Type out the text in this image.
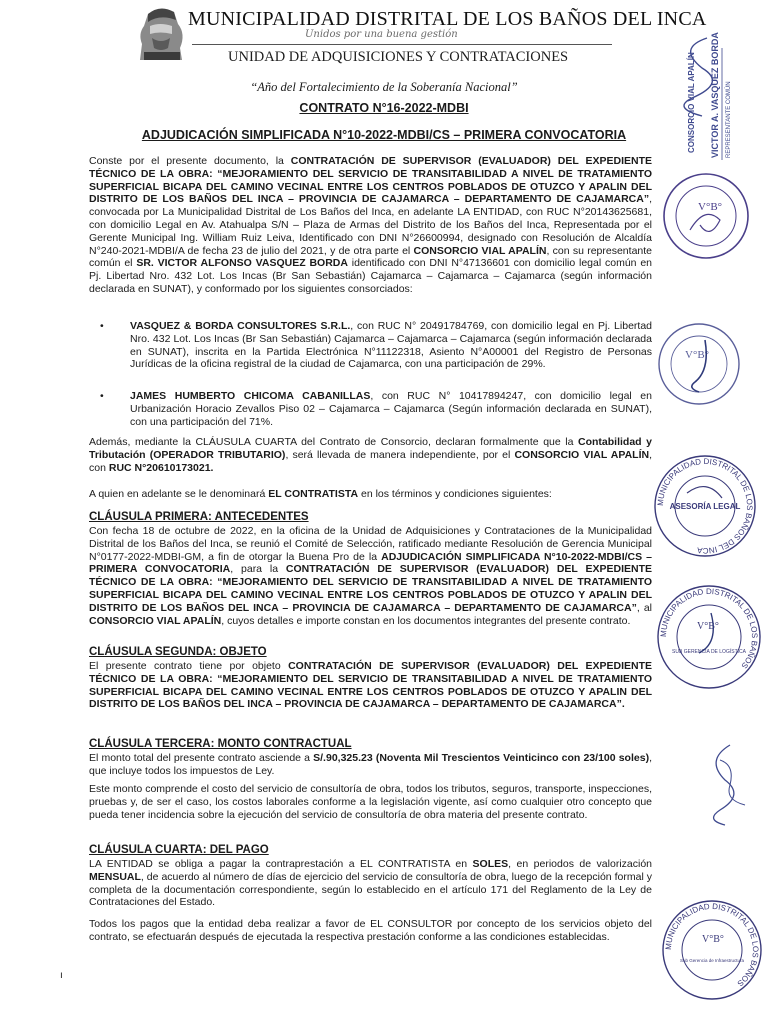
MUNICIPALIDAD DISTRITAL DE LOS BAÑOS DEL INCA
Unidos por una buena gestión
UNIDAD DE ADQUISICIONES Y CONTRATACIONES
“Año del Fortalecimiento de la Soberanía Nacional”
CONTRATO N°16-2022-MDBI
ADJUDICACIÓN SIMPLIFICADA N°10-2022-MDBI/CS – PRIMERA CONVOCATORIA
Conste por el presente documento, la CONTRATACIÓN DE SUPERVISOR (EVALUADOR) DEL EXPEDIENTE TÉCNICO DE LA OBRA: “MEJORAMIENTO DEL SERVICIO DE TRANSITABILIDAD A NIVEL DE TRATAMIENTO SUPERFICIAL BICAPA DEL CAMINO VECINAL ENTRE LOS CENTROS POBLADOS DE OTUZCO Y APALIN DEL DISTRITO DE LOS BAÑOS DEL INCA – PROVINCIA DE CAJAMARCA – DEPARTAMENTO DE CAJAMARCA”, convocada por La Municipalidad Distrital de Los Baños del Inca, en adelante LA ENTIDAD, con RUC N°20143625681, con domicilio Legal en Av. Atahualpa S/N – Plaza de Armas del Distrito de los Baños del Inca, Representada por el Gerente Municipal Ing. William Ruiz Leiva, Identificado con DNI N°26600994, designado con Resolución de Alcaldía N°240-2021-MDBI/A de fecha 23 de julio del 2021, y de otra parte el CONSORCIO VIAL APALÍN, con su representante común el SR. VICTOR ALFONSO VASQUEZ BORDA identificado con DNI N°47136601 con domicilio legal común en Pj. Libertad Nro. 432 Lot. Los Incas (Br San Sebastián) Cajamarca – Cajamarca – Cajamarca (según información declarada en SUNAT), y conformado por los siguientes consorciados:
•	VASQUEZ & BORDA CONSULTORES S.R.L., con RUC N° 20491784769, con domicilio legal en Pj. Libertad Nro. 432 Lot. Los Incas (Br San Sebastián) Cajamarca – Cajamarca – Cajamarca (según información declarada en SUNAT), inscrita en la Partida Electrónica N°11122318, Asiento N°A00001 del Registro de Personas Jurídicas de la oficina registral de la ciudad de Cajamarca, con una participación de 29%.
•	JAMES HUMBERTO CHICOMA CABANILLAS, con RUC N° 10417894247, con domicilio legal en Urbanización Horacio Zevallos Piso 02 – Cajamarca – Cajamarca (Según información declarada en SUNAT), con una participación del 71%.
Además, mediante la CLÁUSULA CUARTA del Contrato de Consorcio, declaran formalmente que la Contabilidad y Tributación (OPERADOR TRIBUTARIO), será llevada de manera independiente, por el CONSORCIO VIAL APALÍN, con RUC N°20610173021.
A quien en adelante se le denominará EL CONTRATISTA en los términos y condiciones siguientes:
CLÁUSULA PRIMERA: ANTECEDENTES
Con fecha 18 de octubre de 2022, en la oficina de la Unidad de Adquisiciones y Contrataciones de la Municipalidad Distrital de los Baños del Inca, se reunió el Comité de Selección, ratificado mediante Resolución de Gerencia Municipal N°0177-2022-MDBI-GM, a fin de otorgar la Buena Pro de la ADJUDICACIÓN SIMPLIFICADA N°10-2022-MDBI/CS – PRIMERA CONVOCATORIA, para la CONTRATACIÓN DE SUPERVISOR (EVALUADOR) DEL EXPEDIENTE TÉCNICO DE LA OBRA: “MEJORAMIENTO DEL SERVICIO DE TRANSITABILIDAD A NIVEL DE TRATAMIENTO SUPERFICIAL BICAPA DEL CAMINO VECINAL ENTRE LOS CENTROS POBLADOS DE OTUZCO Y APALIN DEL DISTRITO DE LOS BAÑOS DEL INCA – PROVINCIA DE CAJAMARCA – DEPARTAMENTO DE CAJAMARCA”, al CONSORCIO VIAL APALÍN, cuyos detalles e importe constan en los documentos integrantes del presente contrato.
CLÁUSULA SEGUNDA: OBJETO
El presente contrato tiene por objeto CONTRATACIÓN DE SUPERVISOR (EVALUADOR) DEL EXPEDIENTE TÉCNICO DE LA OBRA: “MEJORAMIENTO DEL SERVICIO DE TRANSITABILIDAD A NIVEL DE TRATAMIENTO SUPERFICIAL BICAPA DEL CAMINO VECINAL ENTRE LOS CENTROS POBLADOS DE OTUZCO Y APALIN DEL DISTRITO DE LOS BAÑOS DEL INCA – PROVINCIA DE CAJAMARCA – DEPARTAMENTO DE CAJAMARCA”.
CLÁUSULA TERCERA: MONTO CONTRACTUAL
El monto total del presente contrato asciende a S/.90,325.23 (Noventa Mil Trescientos Veinticinco con 23/100 soles), que incluye todos los impuestos de Ley.
Este monto comprende el costo del servicio de consultoría de obra, todos los tributos, seguros, transporte, inspecciones, pruebas y, de ser el caso, los costos laborales conforme a la legislación vigente, así como cualquier otro concepto que pueda tener incidencia sobre la ejecución del servicio de consultoría de obra materia del presente contrato.
CLÁUSULA CUARTA: DEL PAGO
LA ENTIDAD se obliga a pagar la contraprestación a EL CONTRATISTA en SOLES, en periodos de valorización MENSUAL, de acuerdo al número de días de ejercicio del servicio de consultoría de obra, luego de la recepción formal y completa de la documentación correspondiente, según lo establecido en el artículo 171 del Reglamento de la Ley de Contrataciones del Estado.
Todos los pagos que la entidad deba realizar a favor de EL CONSULTOR por concepto de los servicios objeto del contrato, se efectuarán después de ejecutada la respectiva prestación conforme a las condiciones establecidas.
ı
CONSORCIO VIAL APALÍN VICTOR A. VASQUEZ BORDA REPRESENTANTE COMÚN
V°B°
V°B°
MUNICIPALIDAD DISTRITAL DE LOS BAÑOS DEL INCA
ASESORÍA LEGAL
MUNICIPALIDAD DISTRITAL DE LOS BAÑOS
V°B°
SUB GERENCIA DE LOGÍSTICA
MUNICIPALIDAD DISTRITAL DE LOS BAÑOS
V°B°
Sub Gerencia de Infraestructura
